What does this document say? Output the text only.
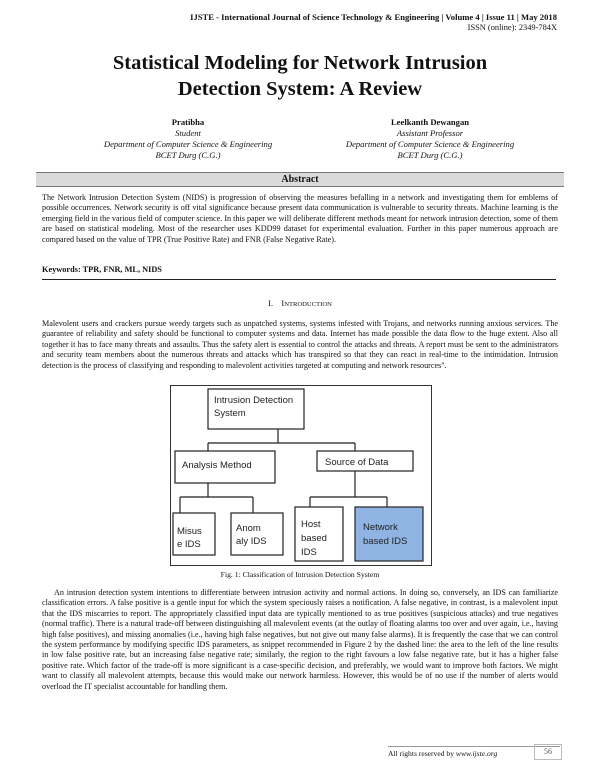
IJSTE - International Journal of Science Technology & Engineering | Volume 4 | Issue 11 | May 2018
ISSN (online): 2349-784X
Statistical Modeling for Network Intrusion
Detection System: A Review
Pratibha
Student
Department of Computer Science & Engineering
BCET Durg (C.G.)
Leelkanth Dewangan
Assistant Professor
Department of Computer Science & Engineering
BCET Durg (C.G.)
Abstract
The Network Intrusion Detection System (NIDS) is progression of observing the measures befalling in a network and investigating them for emblems of possible occurrences. Network security is off vital significance because present data communication is vulnerable to security threats. Machine learning is the emerging field in the various field of computer science. In this paper we will deliberate different methods meant for network intrusion detection, some of them are based on statistical modeling. Most of the researcher uses KDD99 dataset for experimental evaluation. Further in this paper numerous approach are compared based on the value of TPR (True Positive Rate) and FNR (False Negative Rate).
Keywords: TPR, FNR, ML, NIDS
I. INTRODUCTION
Malevolent users and crackers pursue weedy targets such as unpatched systems, systems infested with Trojans, and networks running anxious services. The guarantee of reliability and safety should be functional to computer systems and data. Internet has made possible the data flow to the huge extent. Also all together it has to face many threats and assaults. Thus the safety alert is essential to control the attacks and threats. A report must be sent to the administrators and security team members about the numerous threats and attacks which has transpired so that they can react in real-time to the intimidation. Intrusion detection is the process of classifying and responding to malevolent activities targeted at computing and network resources".
Intrusion Detection
System
Analysis Method	Source of Data
Misus
e IDS
Anom
aly IDS
Host
based
IDS
Network
based IDS
Fig. 1: Classification of Intrusion Detection System
An intrusion detection system intentions to differentiate between intrusion activity and normal actions. In doing so, conversely, an IDS can familiarize classification errors. A false positive is a gentle input for which the system speciously raises a notification. A false negative, in contrast, is a malevolent input that the IDS miscarries to report. The appropriately classified input data are typically mentioned to as true positives (suspicious attacks) and true negatives (normal traffic). There is a natural trade-off between distinguishing all malevolent events (at the outlay of floating alarms too over and over again, i.e., having high false positives), and missing anomalies (i.e., having high false negatives, but not give out many false alarms). It is frequently the case that we can control the system performance by modifying specific IDS parameters, as snippet recommended in Figure 2 by the dashed line: the area to the left of the line results in low false positive rate, but an increasing false negative rate; similarly, the region to the right favours a low false negative rate, but it has a higher false positive rate. Which factor of the trade-off is more significant is a case-specific decision, and preferably, we would want to improve both factors. We might want to classify all malevolent attempts, because this would make our network harmless. However, this would be of no use if the number of alerts would overload the IT specialist accountable for handling them.
All rights reserved by www.ijste.org	56
